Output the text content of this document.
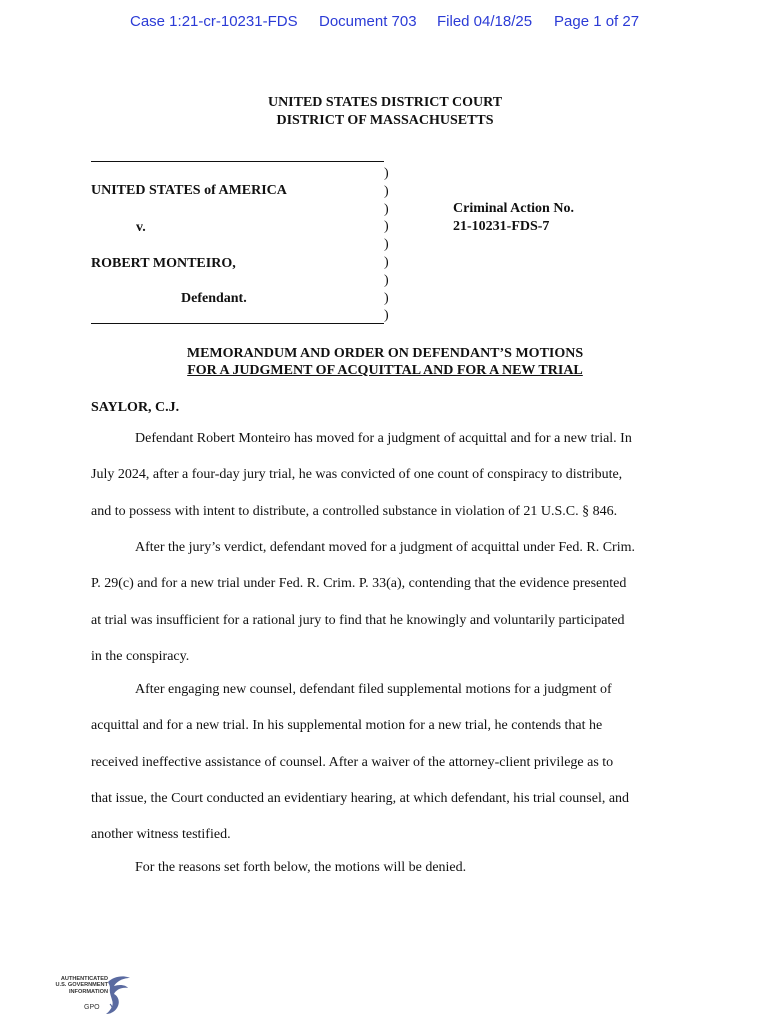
Case 1:21-cr-10231-FDS Document 703 Filed 04/18/25 Page 1 of 27
UNITED STATES DISTRICT COURT
DISTRICT OF MASSACHUSETTS
)
)
)
)
)
)
)
)
)
UNITED STATES of AMERICA
v.
ROBERT MONTEIRO,
Defendant.
Criminal Action No.
21-10231-FDS-7
MEMORANDUM AND ORDER ON DEFENDANT’S MOTIONS
FOR A JUDGMENT OF ACQUITTAL AND FOR A NEW TRIAL
SAYLOR, C.J.

Defendant Robert Monteiro has moved for a judgment of acquittal and for a new trial. In
July 2024, after a four-day jury trial, he was convicted of one count of conspiracy to distribute,
and to possess with intent to distribute, a controlled substance in violation of 21 U.S.C. § 846.

After the jury’s verdict, defendant moved for a judgment of acquittal under Fed. R. Crim.
P. 29(c) and for a new trial under Fed. R. Crim. P. 33(a), contending that the evidence presented
at trial was insufficient for a rational jury to find that he knowingly and voluntarily participated
in the conspiracy.

After engaging new counsel, defendant filed supplemental motions for a judgment of
acquittal and for a new trial. In his supplemental motion for a new trial, he contends that he
received ineffective assistance of counsel. After a waiver of the attorney-client privilege as to
that issue, the Court conducted an evidentiary hearing, at which defendant, his trial counsel, and
another witness testified.

For the reasons set forth below, the motions will be denied.

AUTHENTICATED
U.S. GOVERNMENT
INFORMATION
GPO
